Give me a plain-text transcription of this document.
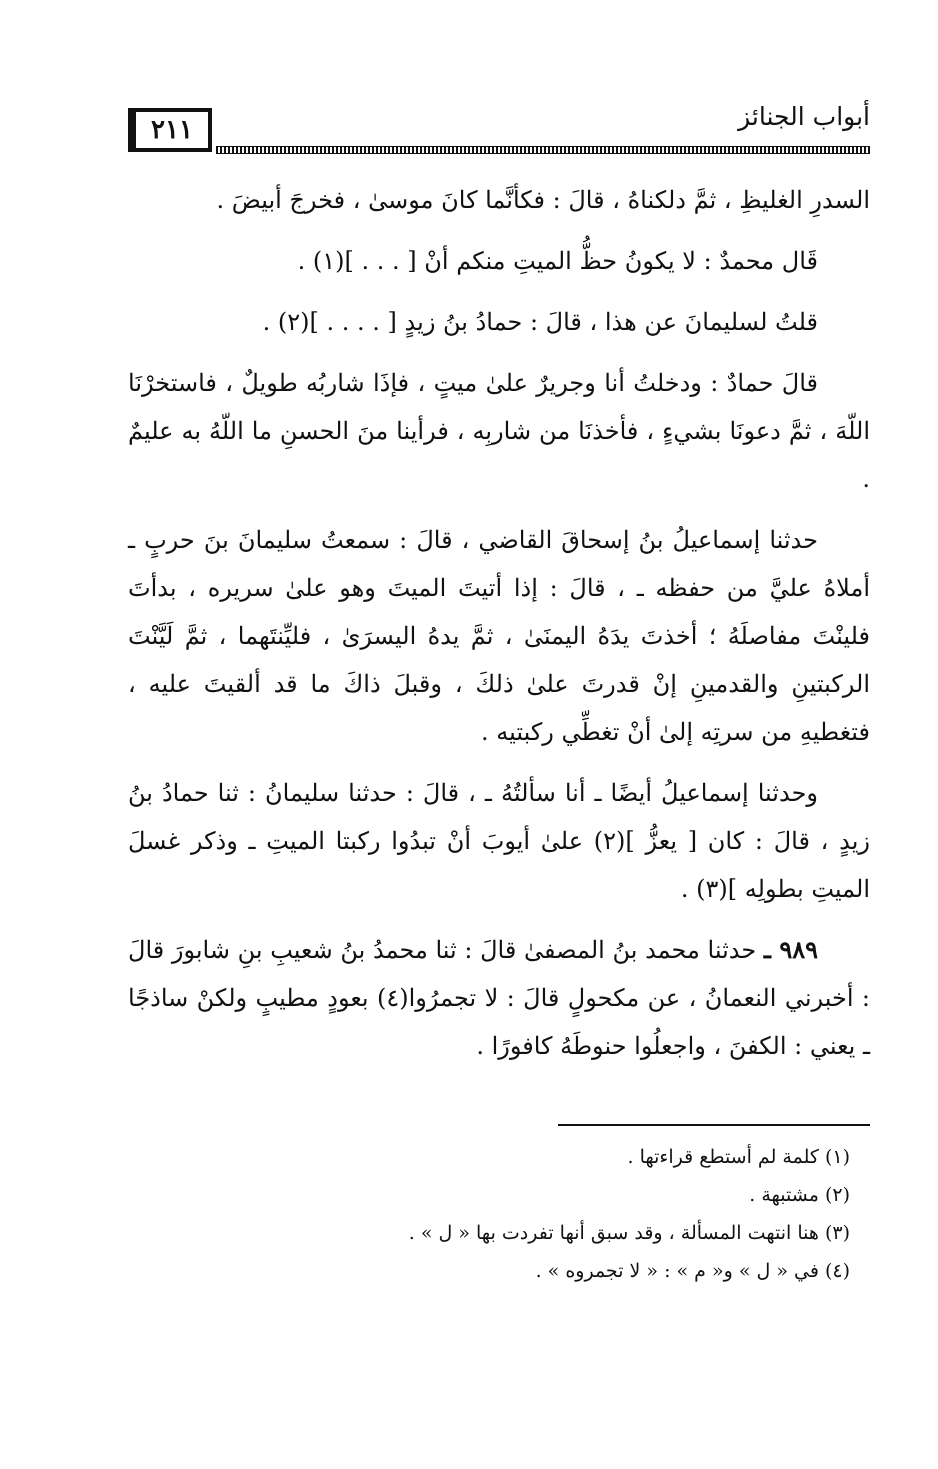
٢١١	أبواب الجنائز

السدرِ الغليظِ ، ثمَّ دلكناهُ ، قالَ : فكأنَّما كانَ موسىٰ ، فخرجَ أبيضَ .

قَال محمدٌ : لا يكونُ حظُّ الميتِ منكم أنْ [ . . . ](١) .

قلتُ لسليمانَ عن هذا ، قالَ : حمادُ بنُ زيدٍ [ . . . . ](٢) .

قالَ حمادٌ : ودخلتُ أنا وجريرٌ علىٰ ميتٍ ، فإذَا شاربُه طويلٌ ، فاستخرْنَا اللّهَ ، ثمَّ دعونَا بشيءٍ ، فأخذنَا من شاربِه ، فرأينا منَ الحسنِ ما اللّهُ به عليمٌ .

حدثنا إسماعيلُ بنُ إسحاقَ القاضي ، قالَ : سمعتُ سليمانَ بنَ حربٍ ـ أملاهُ عليَّ من حفظه ـ ، قالَ : إذا أتيتَ الميتَ وهو علىٰ سريره ، بدأتَ فلينْتَ مفاصلَهُ ؛ أخذتَ يدَهُ اليمنَىٰ ، ثمَّ يدهُ اليسرَىٰ ، فليِّنتَهما ، ثمَّ لَيَّنْتَ الركبتينِ والقدمينِ إنْ قدرتَ علىٰ ذلكَ ، وقبلَ ذاكَ ما قد ألقيتَ عليه ، فتغطيهِ من سرتِه إلىٰ أنْ تغطِّي ركبتيه .

وحدثنا إسماعيلُ أيضًا ـ أنا سألتُهُ ـ ، قالَ : حدثنا سليمانُ : ثنا حمادُ بنُ زيدٍ ، قالَ : كان [ يعزُّ ](٢) علىٰ أيوبَ أنْ تبدُوا ركبتا الميتِ ـ وذكر غسلَ الميتِ بطولِه ](٣) .

٩٨٩ ـ حدثنا محمد بنُ المصفىٰ قالَ : ثنا محمدُ بنُ شعيبِ بنِ شابورَ قالَ : أخبرني النعمانُ ، عن مكحولٍ قالَ : لا تجمرُوا(٤) بعودٍ مطيبٍ ولكنْ ساذجًا ـ يعني : الكفنَ ، واجعلُوا حنوطَهُ كافورًا .

(١) كلمة لم أستطع قراءتها .

(٢) مشتبهة .

(٣) هنا انتهت المسألة ، وقد سبق أنها تفردت بها « ل » .

(٤) في « ل » و« م » : « لا تجمروه » .
